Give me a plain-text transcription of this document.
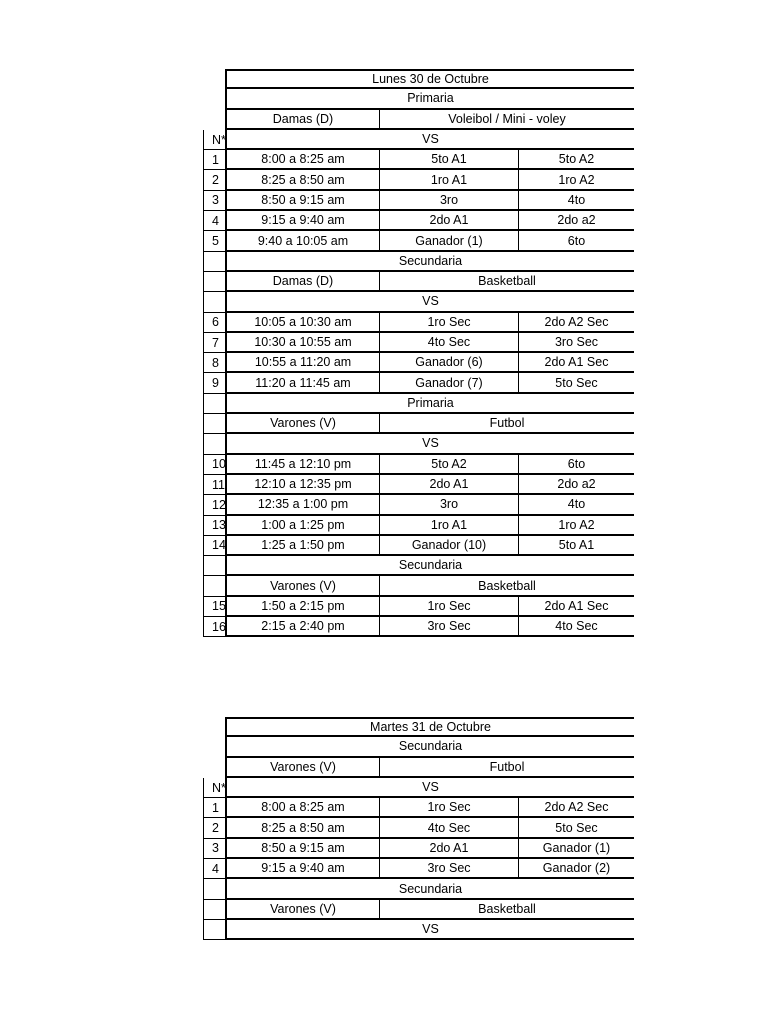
Lunes 30 de Octubre
Primaria
Damas (D)	Voleibol / Mini - voley
N*	VS
1	8:00 a 8:25 am	5to A1	5to A2
2	8:25 a 8:50 am	1ro A1	1ro A2
3	8:50 a 9:15 am	3ro	4to
4	9:15 a 9:40 am	2do A1	2do a2
5	9:40 a 10:05 am	Ganador (1)	6to
Secundaria
Damas (D)	Basketball
VS
6	10:05 a 10:30 am	1ro Sec	2do A2 Sec
7	10:30 a 10:55 am	4to Sec	3ro Sec
8	10:55 a 11:20 am	Ganador (6)	2do A1 Sec
9	11:20 a 11:45 am	Ganador (7)	5to Sec
Primaria
Varones (V)	Futbol
VS
10	11:45 a 12:10 pm	5to A2	6to
11	12:10 a 12:35 pm	2do A1	2do a2
12	12:35 a 1:00 pm	3ro	4to
13	1:00 a 1:25 pm	1ro A1	1ro A2
14	1:25 a 1:50 pm	Ganador (10)	5to A1
Secundaria
Varones (V)	Basketball
15	1:50 a 2:15 pm	1ro Sec	2do A1 Sec
16	2:15 a 2:40 pm	3ro Sec	4to Sec
Martes 31 de Octubre
Secundaria
Varones (V)	Futbol
N*	VS
1	8:00 a 8:25 am	1ro Sec	2do A2 Sec
2	8:25 a 8:50 am	4to Sec	5to Sec
3	8:50 a 9:15 am	2do A1	Ganador (1)
4	9:15 a 9:40 am	3ro Sec	Ganador (2)
Secundaria
Varones (V)	Basketball
VS
